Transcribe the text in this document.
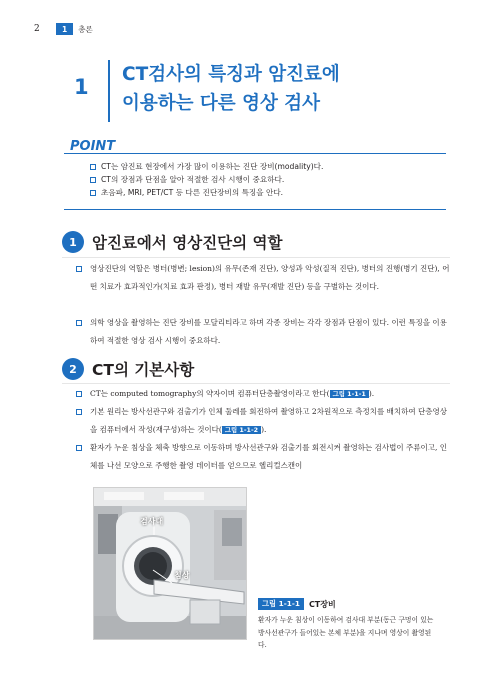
2	1	총론
1
CT검사의 특징과 암진료에
이용하는 다른 영상 검사
POINT
CT는 암진료 현장에서 가장 많이 이용하는 진단 장비(modality)다.
CT의 장점과 단점을 알아 적절한 검사 시행이 중요하다.
초음파, MRI, PET/CT 등 다른 진단장비의 특징을 안다.
1 암진료에서 영상진단의 역할
영상진단의 역할은 병터(병변; lesion)의 유무(존재 진단), 양성과 악성(질적 진단), 병터의 진행(병기 진단), 어떤 치료가 효과적인가(치료 효과 판정), 병터 재발 유무(재발 진단) 등을 구별하는 것이다.
의학 영상을 촬영하는 진단 장비를 모달리티라고 하며 각종 장비는 각각 장점과 단점이 있다. 이런 특징을 이용하여 적절한 영상 검사 시행이 중요하다.
2 CT의 기본사항
CT는 computed tomography의 약자이며 컴퓨터단층촬영이라고 한다( 그림 1-1-1 ).
기본 원리는 방사선관구와 검출기가 인체 둘레를 회전하여 촬영하고 2차원적으로 측정치를 배치하여 단층영상을 컴퓨터에서 작성(재구성)하는 것이다( 그림 1-1-2 ).
환자가 누운 침상을 체축 방향으로 이동하며 방사선관구와 검출기를 회전시켜 촬영하는 검사법이 주류이고, 인체를 나선 모양으로 주행한 촬영 데이터를 얻으므로 헬리컬스캔이
검사대
침상
그림 1-1-1	CT장비
환자가 누운 침상이 이동하여 검사대 부분(동근 구멍이 있는 방사선관구가 들어있는 본체 부분)을 지나며 영상이 촬영된다.
